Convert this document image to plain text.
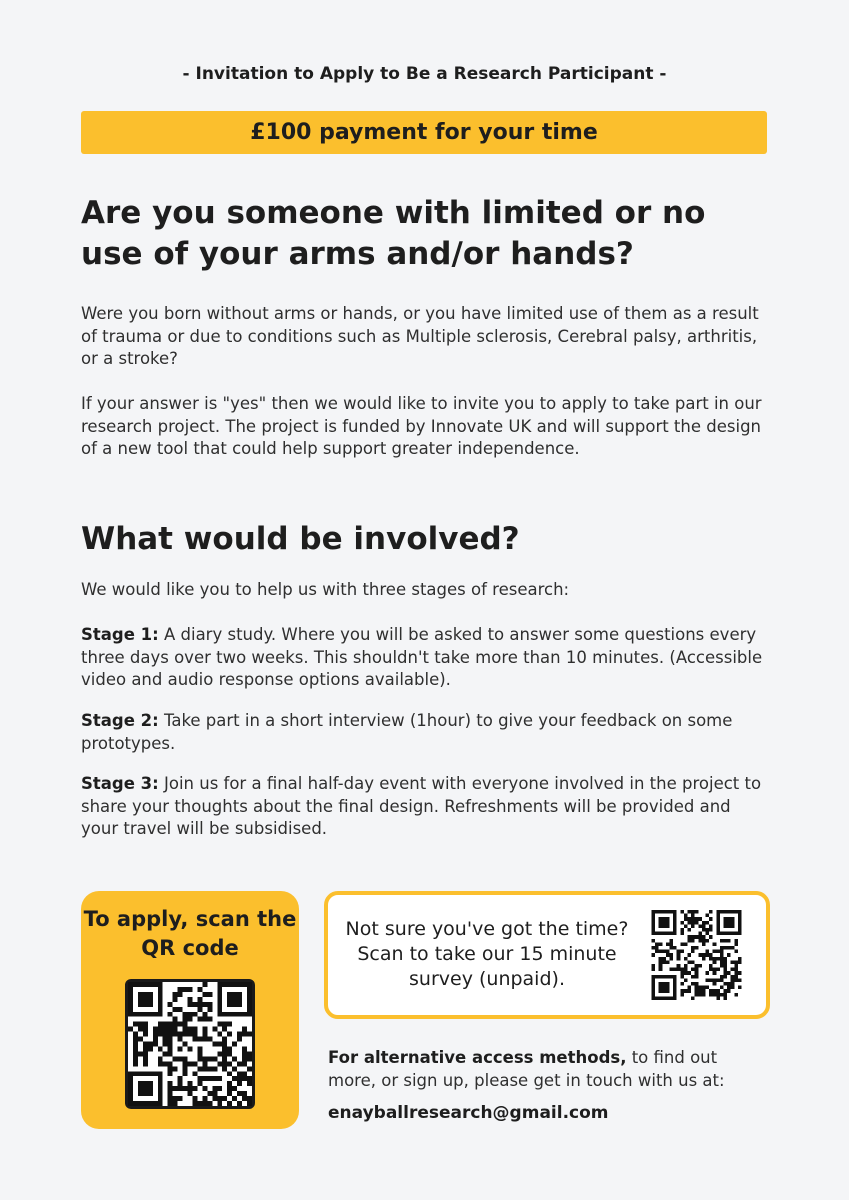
- Invitation to Apply to Be a Research Participant -
£100 payment for your time
Are you someone with limited or no use of your arms and/or hands?

Were you born without arms or hands, or you have limited use of them as a result of trauma or due to conditions such as Multiple sclerosis, Cerebral palsy, arthritis, or a stroke?

If your answer is "yes" then we would like to invite you to apply to take part in our research project. The project is funded by Innovate UK and will support the design of a new tool that could help support greater independence.

What would be involved?

We would like you to help us with three stages of research:

Stage 1: A diary study. Where you will be asked to answer some questions every three days over two weeks. This shouldn't take more than 10 minutes. (Accessible video and audio response options available).

Stage 2: Take part in a short interview (1hour) to give your feedback on some prototypes.

Stage 3: Join us for a final half-day event with everyone involved in the project to share your thoughts about the final design. Refreshments will be provided and your travel will be subsidised.

To apply, scan the QR code
Not sure you've got the time? Scan to take our 15 minute survey (unpaid).

For alternative access methods, to find out more, or sign up, please get in touch with us at:

enayballresearch@gmail.com
